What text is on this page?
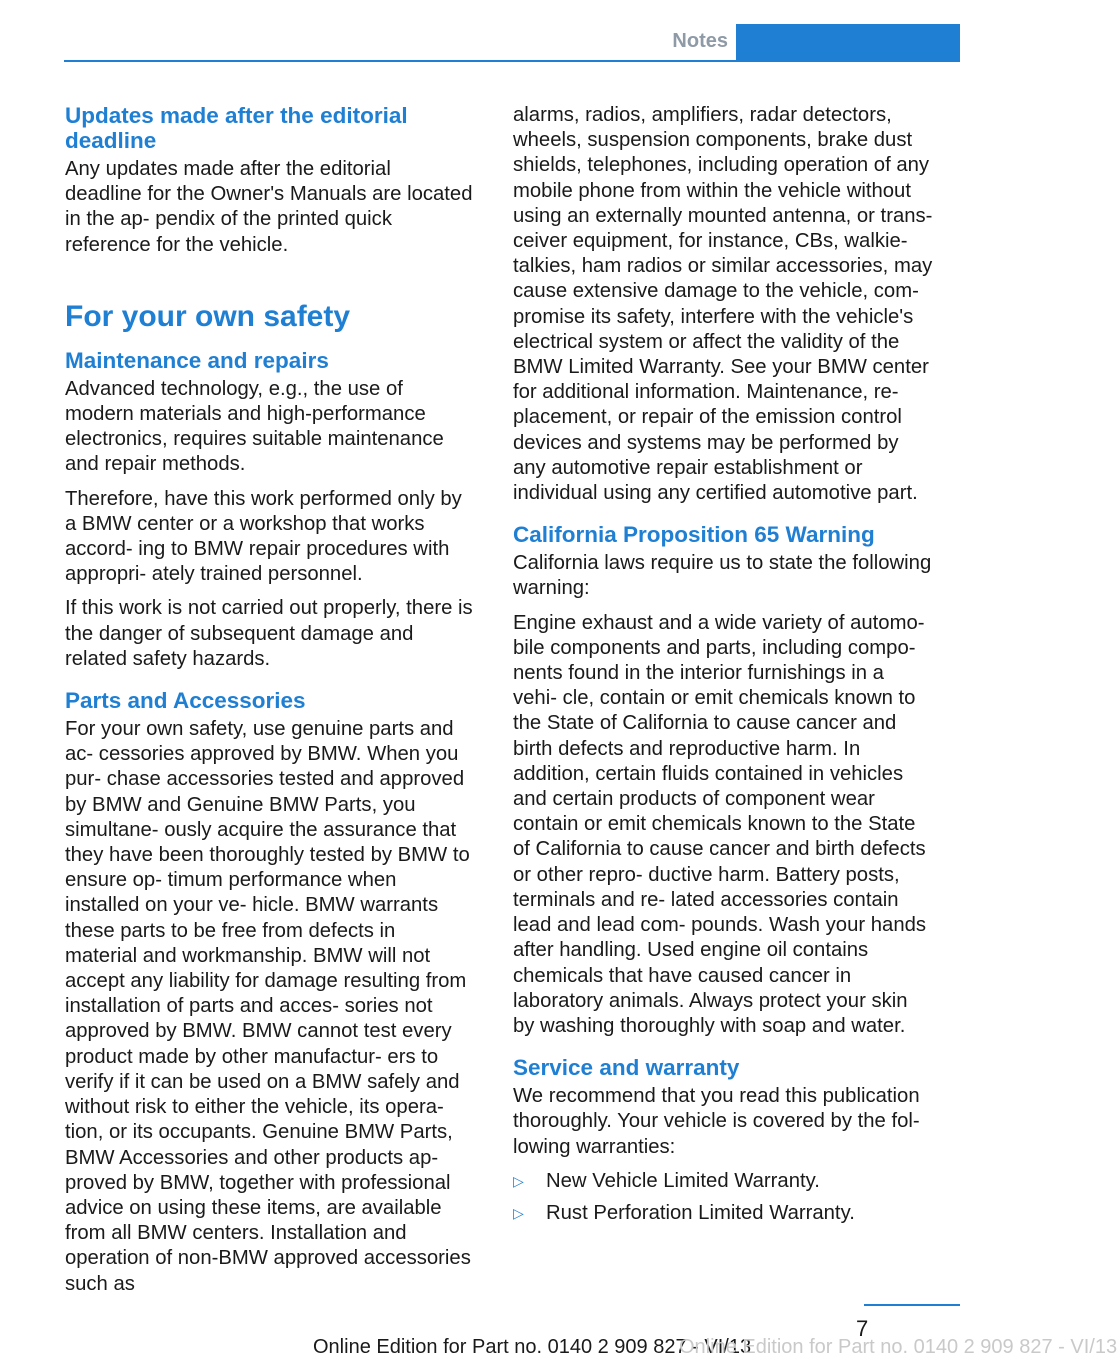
Notes
Updates made after the editorial deadline

Any updates made after the editorial deadline for the Owner's Manuals are located in the ap‐ pendix of the printed quick reference for the vehicle.

For your own safety
Maintenance and repairs

Advanced technology, e.g., the use of modern materials and high-performance electronics, requires suitable maintenance and repair methods.

Therefore, have this work performed only by a BMW center or a workshop that works accord‐ ing to BMW repair procedures with appropri‐ ately trained personnel.

If this work is not carried out properly, there is the danger of subsequent damage and related safety hazards.

Parts and Accessories

For your own safety, use genuine parts and ac‐ cessories approved by BMW. When you pur‐ chase accessories tested and approved by BMW and Genuine BMW Parts, you simultane‐ ously acquire the assurance that they have been thoroughly tested by BMW to ensure op‐ timum performance when installed on your ve‐ hicle. BMW warrants these parts to be free from defects in material and workmanship. BMW will not accept any liability for damage resulting from installation of parts and acces‐ sories not approved by BMW. BMW cannot test every product made by other manufactur‐ ers to verify if it can be used on a BMW safely and without risk to either the vehicle, its opera‐ tion, or its occupants. Genuine BMW Parts, BMW Accessories and other products ap‐ proved by BMW, together with professional advice on using these items, are available from all BMW centers. Installation and operation of non-BMW approved accessories such as

alarms, radios, amplifiers, radar detectors, wheels, suspension components, brake dust shields, telephones, including operation of any mobile phone from within the vehicle without using an externally mounted antenna, or trans‐ ceiver equipment, for instance, CBs, walkie- talkies, ham radios or similar accessories, may cause extensive damage to the vehicle, com‐ promise its safety, interfere with the vehicle's electrical system or affect the validity of the BMW Limited Warranty. See your BMW center for additional information. Maintenance, re‐ placement, or repair of the emission control devices and systems may be performed by any automotive repair establishment or individual using any certified automotive part.

California Proposition 65 Warning

California laws require us to state the following warning:

Engine exhaust and a wide variety of automo‐ bile components and parts, including compo‐ nents found in the interior furnishings in a vehi‐ cle, contain or emit chemicals known to the State of California to cause cancer and birth defects and reproductive harm. In addition, certain fluids contained in vehicles and certain products of component wear contain or emit chemicals known to the State of California to cause cancer and birth defects or other repro‐ ductive harm. Battery posts, terminals and re‐ lated accessories contain lead and lead com‐ pounds. Wash your hands after handling. Used engine oil contains chemicals that have caused cancer in laboratory animals. Always protect your skin by washing thoroughly with soap and water.

Service and warranty

We recommend that you read this publication thoroughly. Your vehicle is covered by the fol‐ lowing warranties:

▷ New Vehicle Limited Warranty.
▷ Rust Perforation Limited Warranty.
7
Online Edition for Part no. 0140 2 909 827 - VI/13
Online Edition for Part no. 0140 2 909 827 - VI/13
